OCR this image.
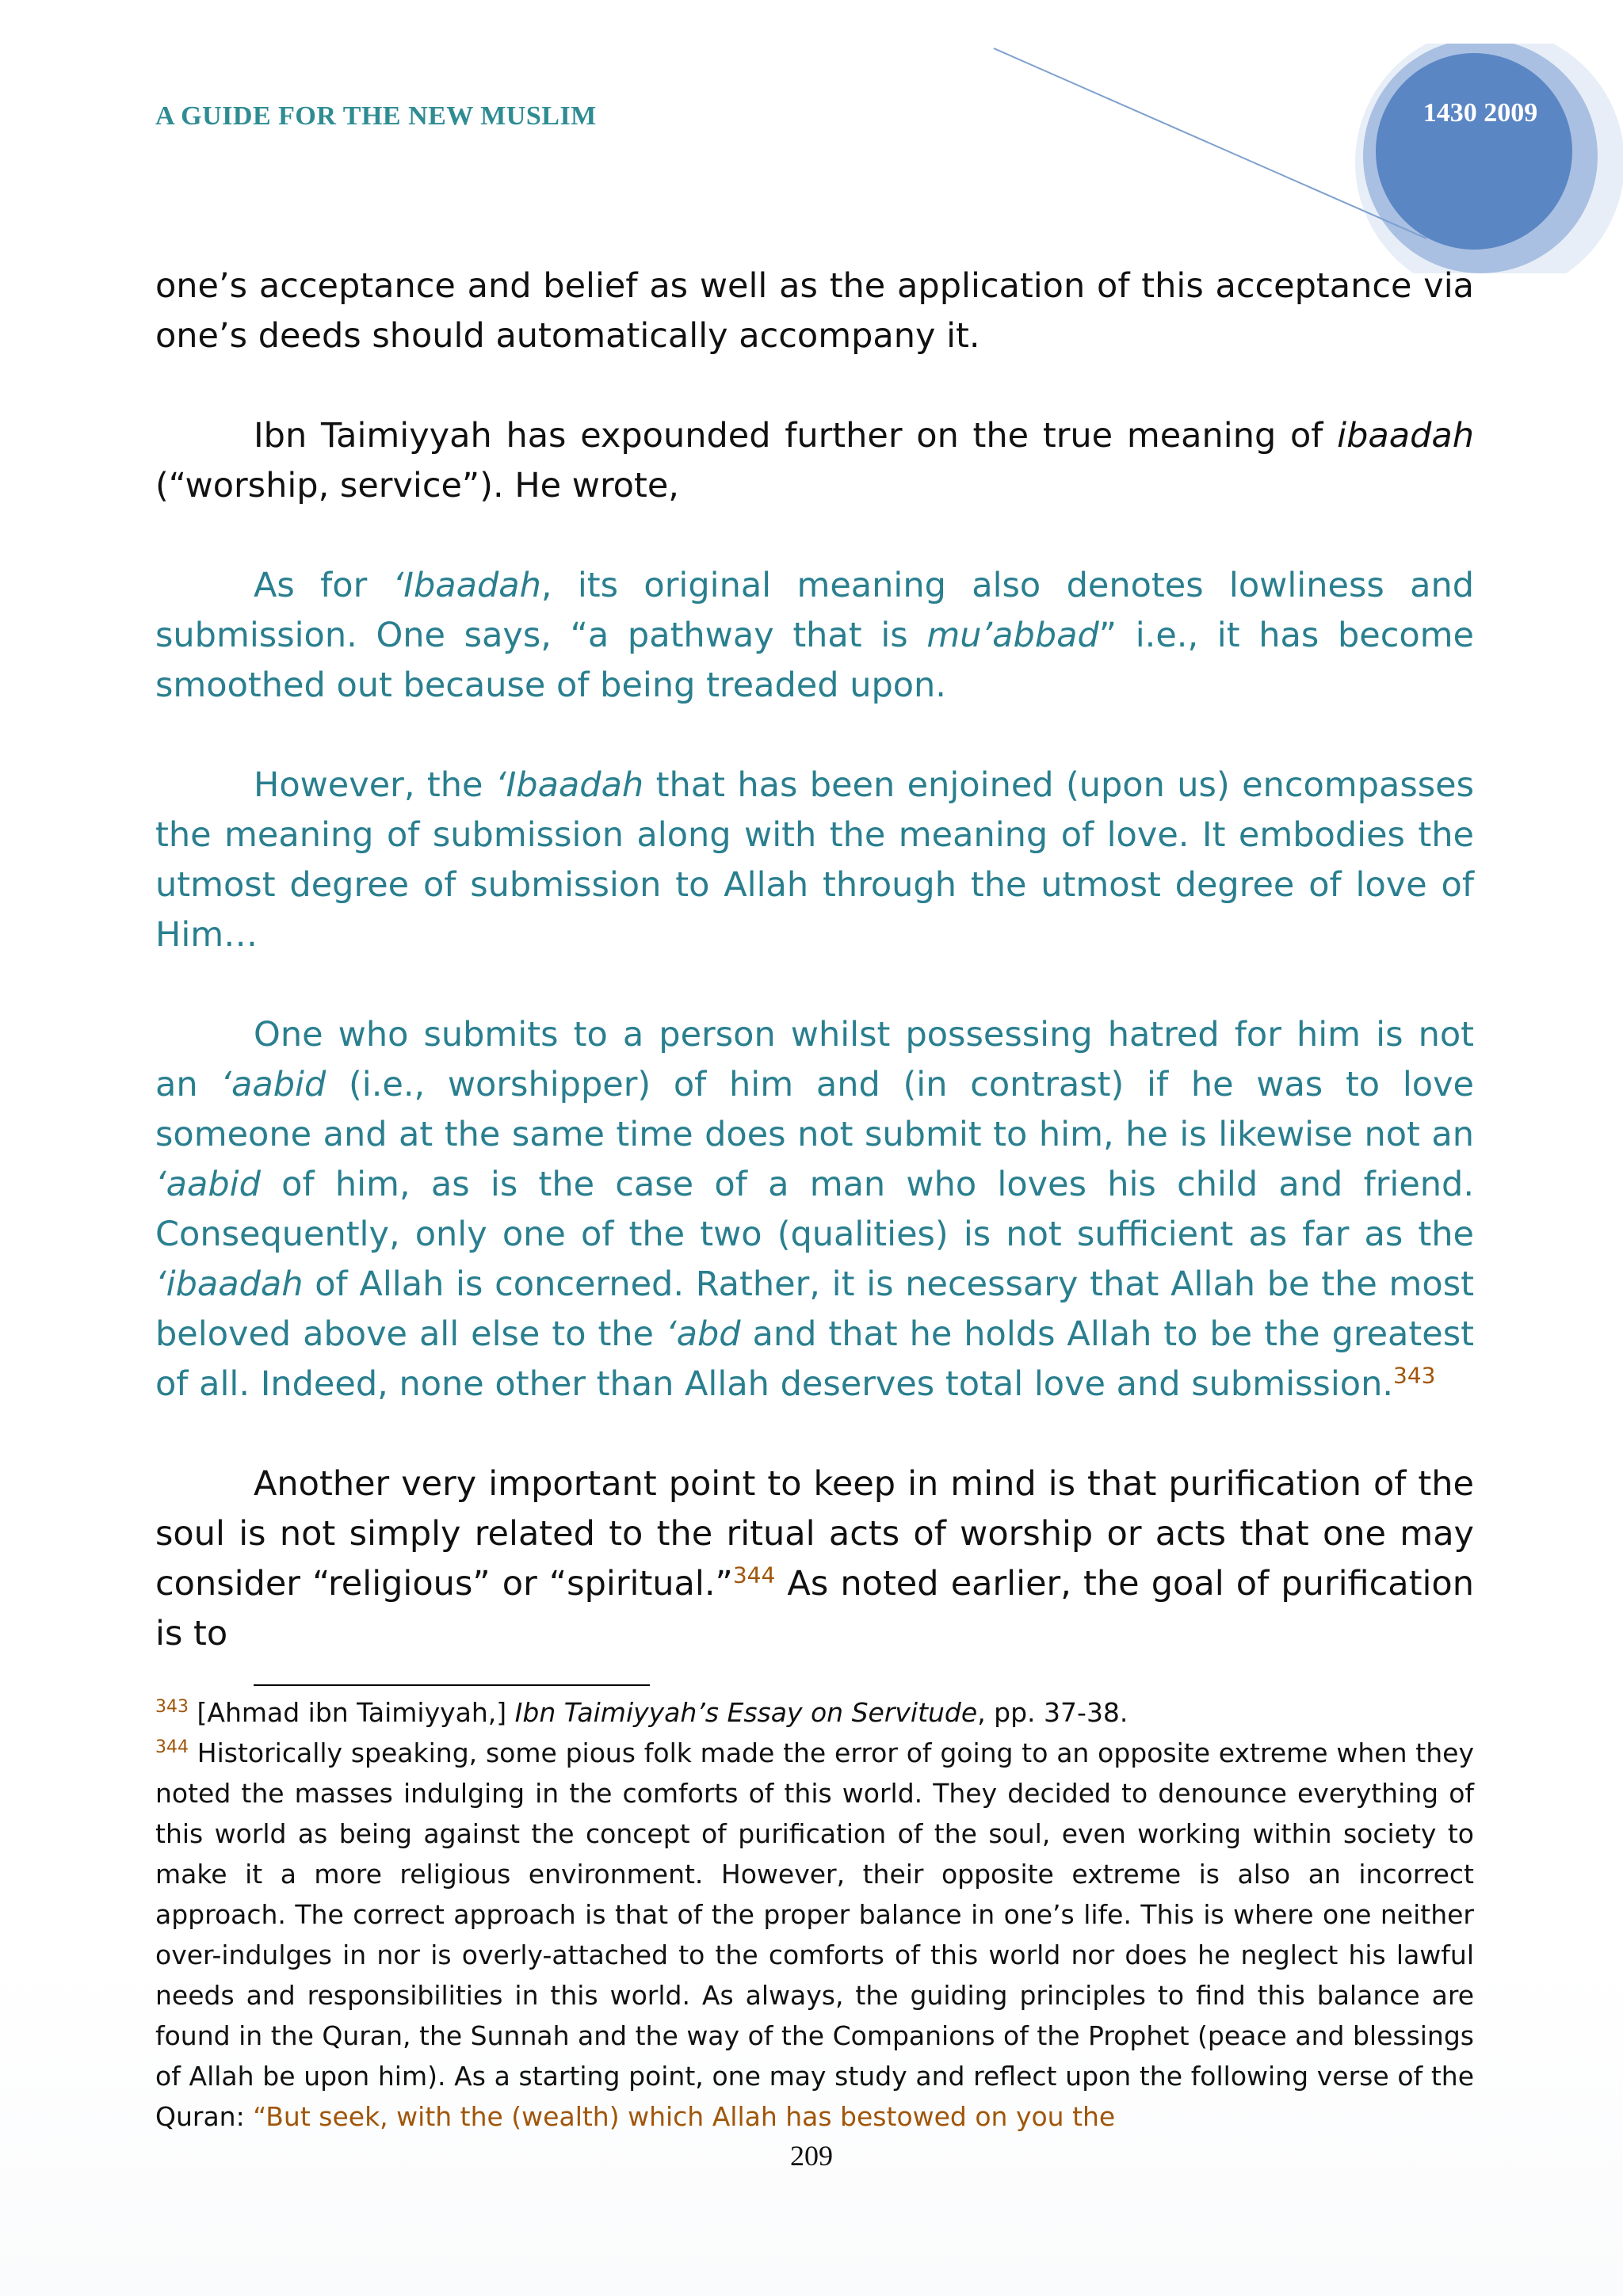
A GUIDE FOR THE NEW MUSLIM	1430 2009

one’s acceptance and belief as well as the application of this acceptance via one’s deeds should automatically accompany it.

Ibn Taimiyyah has expounded further on the true meaning of ibaadah (“worship, service”). He wrote,

As for ‘Ibaadah, its original meaning also denotes lowliness and submission. One says, “a pathway that is mu’abbad” i.e., it has become smoothed out because of being treaded upon.

However, the ‘Ibaadah that has been enjoined (upon us) encompasses the meaning of submission along with the meaning of love. It embodies the utmost degree of submission to Allah through the utmost degree of love of Him…

One who submits to a person whilst possessing hatred for him is not an ‘aabid (i.e., worshipper) of him and (in contrast) if he was to love someone and at the same time does not submit to him, he is likewise not an ‘aabid of him, as is the case of a man who loves his child and friend. Consequently, only one of the two (qualities) is not sufficient as far as the ‘ibaadah of Allah is concerned. Rather, it is necessary that Allah be the most beloved above all else to the ‘abd and that he holds Allah to be the greatest of all. Indeed, none other than Allah deserves total love and submission.$^{343}$

Another very important point to keep in mind is that purification of the soul is not simply related to the ritual acts of worship or acts that one may consider “religious” or “spiritual.”$^{344}$ As noted earlier, the goal of purification is to

$^{343}$ [Ahmad ibn Taimiyyah,] Ibn Taimiyyah’s Essay on Servitude, pp. 37-38.

$^{344}$ Historically speaking, some pious folk made the error of going to an opposite extreme when they noted the masses indulging in the comforts of this world. They decided to denounce everything of this world as being against the concept of purification of the soul, even working within society to make it a more religious environment. However, their opposite extreme is also an incorrect approach. The correct approach is that of the proper balance in one’s life. This is where one neither over-indulges in nor is overly-attached to the comforts of this world nor does he neglect his lawful needs and responsibilities in this world. As always, the guiding principles to find this balance are found in the Quran, the Sunnah and the way of the Companions of the Prophet (peace and blessings of Allah be upon him). As a starting point, one may study and reflect upon the following verse of the Quran: “But seek, with the (wealth) which Allah has bestowed on you the

209
